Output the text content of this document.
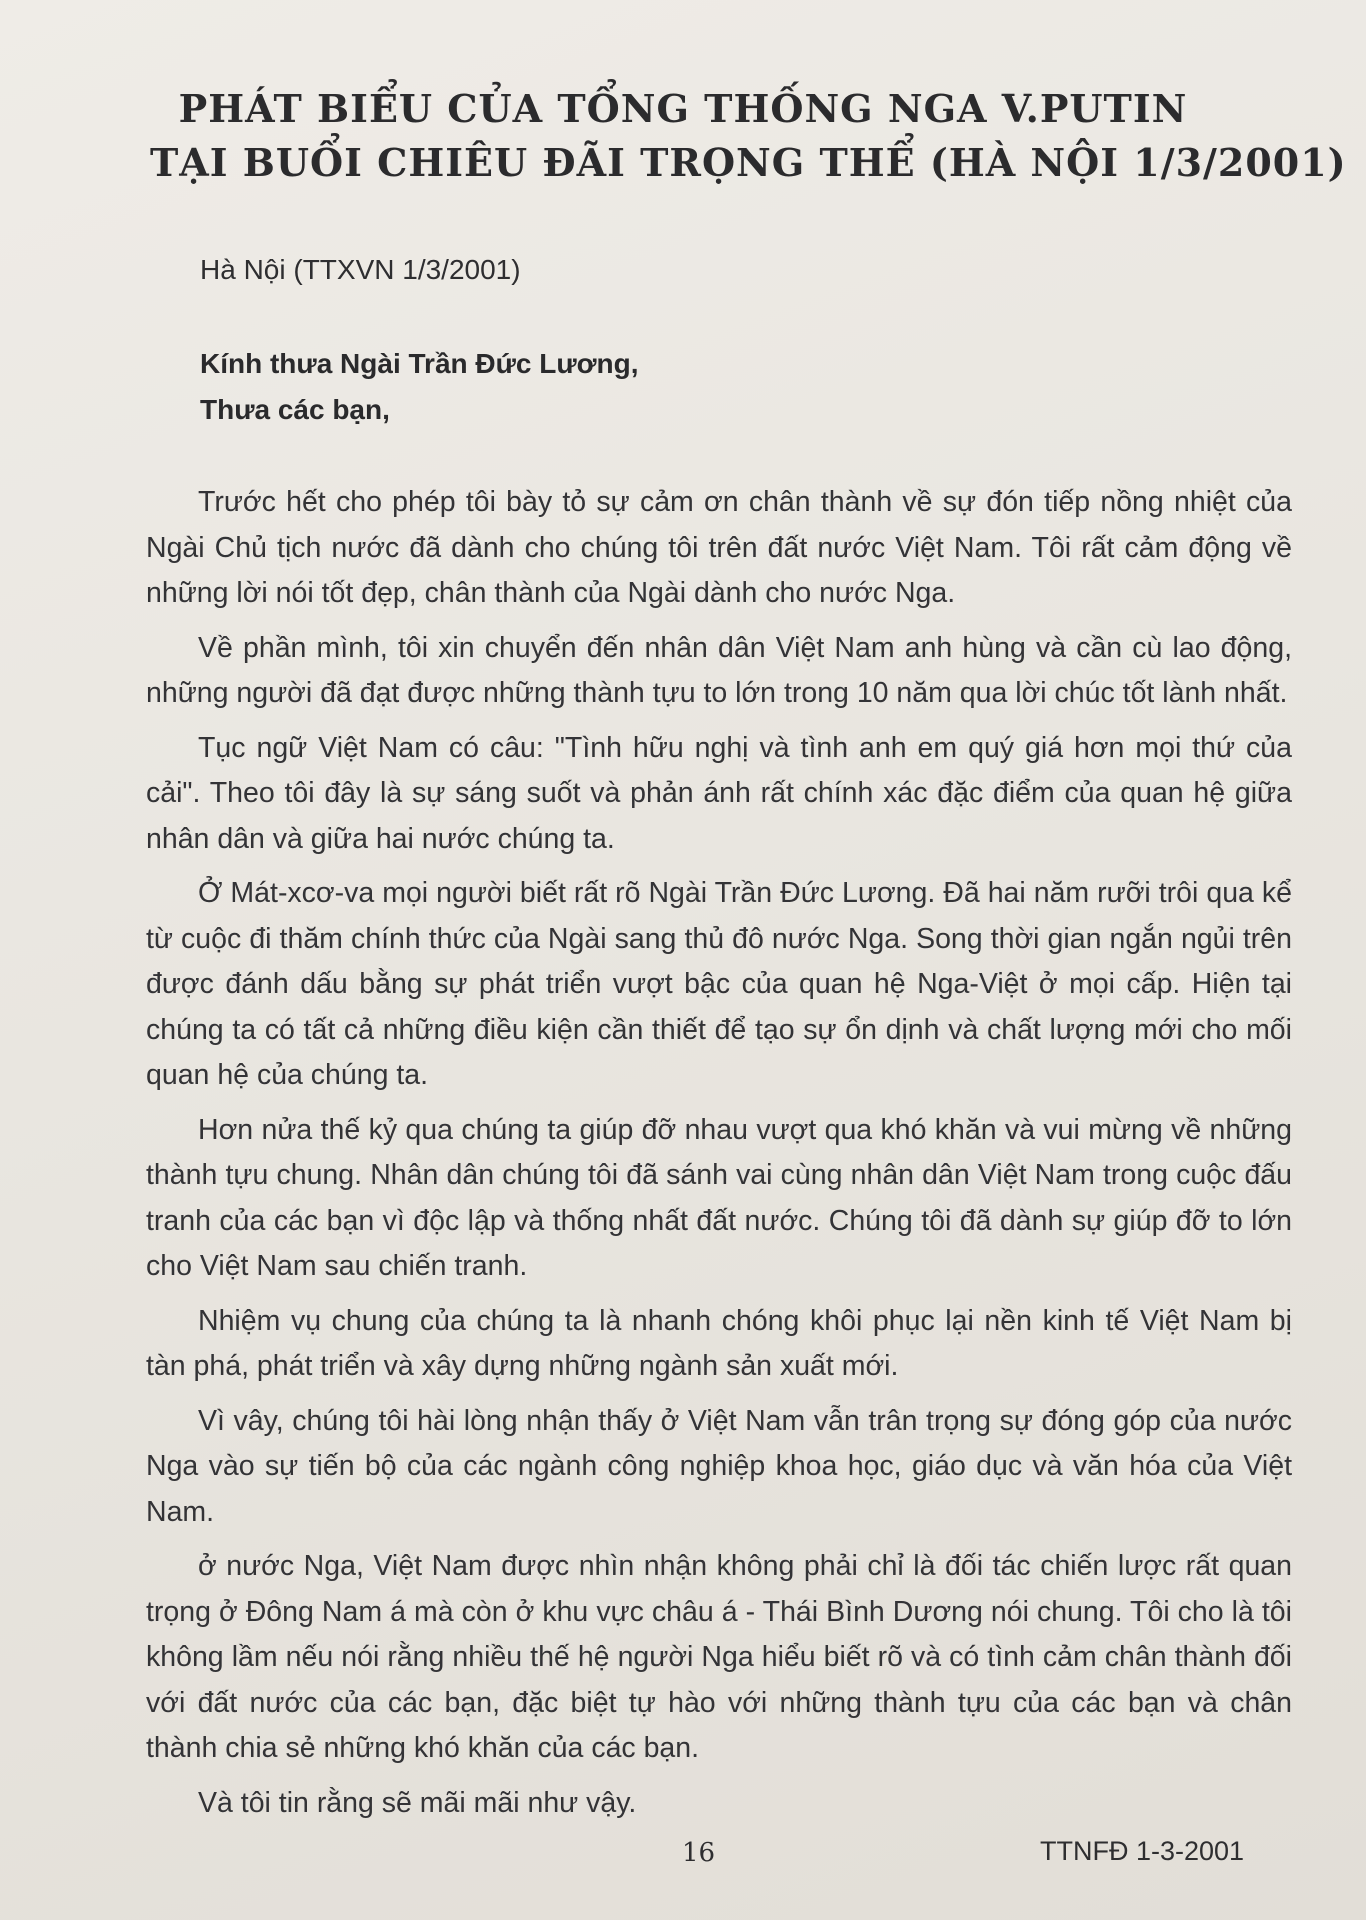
PHÁT BIỂU CỦA TỔNG THỐNG NGA V.PUTIN
TẠI BUỔI CHIÊU ĐÃI TRỌNG THỂ (HÀ NỘI 1/3/2001)

Hà Nội (TTXVN 1/3/2001)

Kính thưa Ngài Trần Đức Lương,

Thưa các bạn,

Trước hết cho phép tôi bày tỏ sự cảm ơn chân thành về sự đón tiếp nồng nhiệt của Ngài Chủ tịch nước đã dành cho chúng tôi trên đất nước Việt Nam. Tôi rất cảm động về những lời nói tốt đẹp, chân thành của Ngài dành cho nước Nga.

Về phần mình, tôi xin chuyển đến nhân dân Việt Nam anh hùng và cần cù lao động, những người đã đạt được những thành tựu to lớn trong 10 năm qua lời chúc tốt lành nhất.

Tục ngữ Việt Nam có câu: "Tình hữu nghị và tình anh em quý giá hơn mọi thứ của cải". Theo tôi đây là sự sáng suốt và phản ánh rất chính xác đặc điểm của quan hệ giữa nhân dân và giữa hai nước chúng ta.

Ở Mát-xcơ-va mọi người biết rất rõ Ngài Trần Đức Lương. Đã hai năm rưỡi trôi qua kể từ cuộc đi thăm chính thức của Ngài sang thủ đô nước Nga. Song thời gian ngắn ngủi trên được đánh dấu bằng sự phát triển vượt bậc của quan hệ Nga-Việt ở mọi cấp. Hiện tại chúng ta có tất cả những điều kiện cần thiết để tạo sự ổn dịnh và chất lượng mới cho mối quan hệ của chúng ta.

Hơn nửa thế kỷ qua chúng ta giúp đỡ nhau vượt qua khó khăn và vui mừng về những thành tựu chung. Nhân dân chúng tôi đã sánh vai cùng nhân dân Việt Nam trong cuộc đấu tranh của các bạn vì độc lập và thống nhất đất nước. Chúng tôi đã dành sự giúp đỡ to lớn cho Việt Nam sau chiến tranh.

Nhiệm vụ chung của chúng ta là nhanh chóng khôi phục lại nền kinh tế Việt Nam bị tàn phá, phát triển và xây dựng những ngành sản xuất mới.

Vì vây, chúng tôi hài lòng nhận thấy ở Việt Nam vẫn trân trọng sự đóng góp của nước Nga vào sự tiến bộ của các ngành công nghiệp khoa học, giáo dục và văn hóa của Việt Nam.

ở nước Nga, Việt Nam được nhìn nhận không phải chỉ là đối tác chiến lược rất quan trọng ở Đông Nam á mà còn ở khu vực châu á - Thái Bình Dương nói chung. Tôi cho là tôi không lầm nếu nói rằng nhiều thế hệ người Nga hiểu biết rõ và có tình cảm chân thành đối với đất nước của các bạn, đặc biệt tự hào với những thành tựu của các bạn và chân thành chia sẻ những khó khăn của các bạn.

Và tôi tin rằng sẽ mãi mãi như vậy.

16	TTNFĐ 1-3-2001
